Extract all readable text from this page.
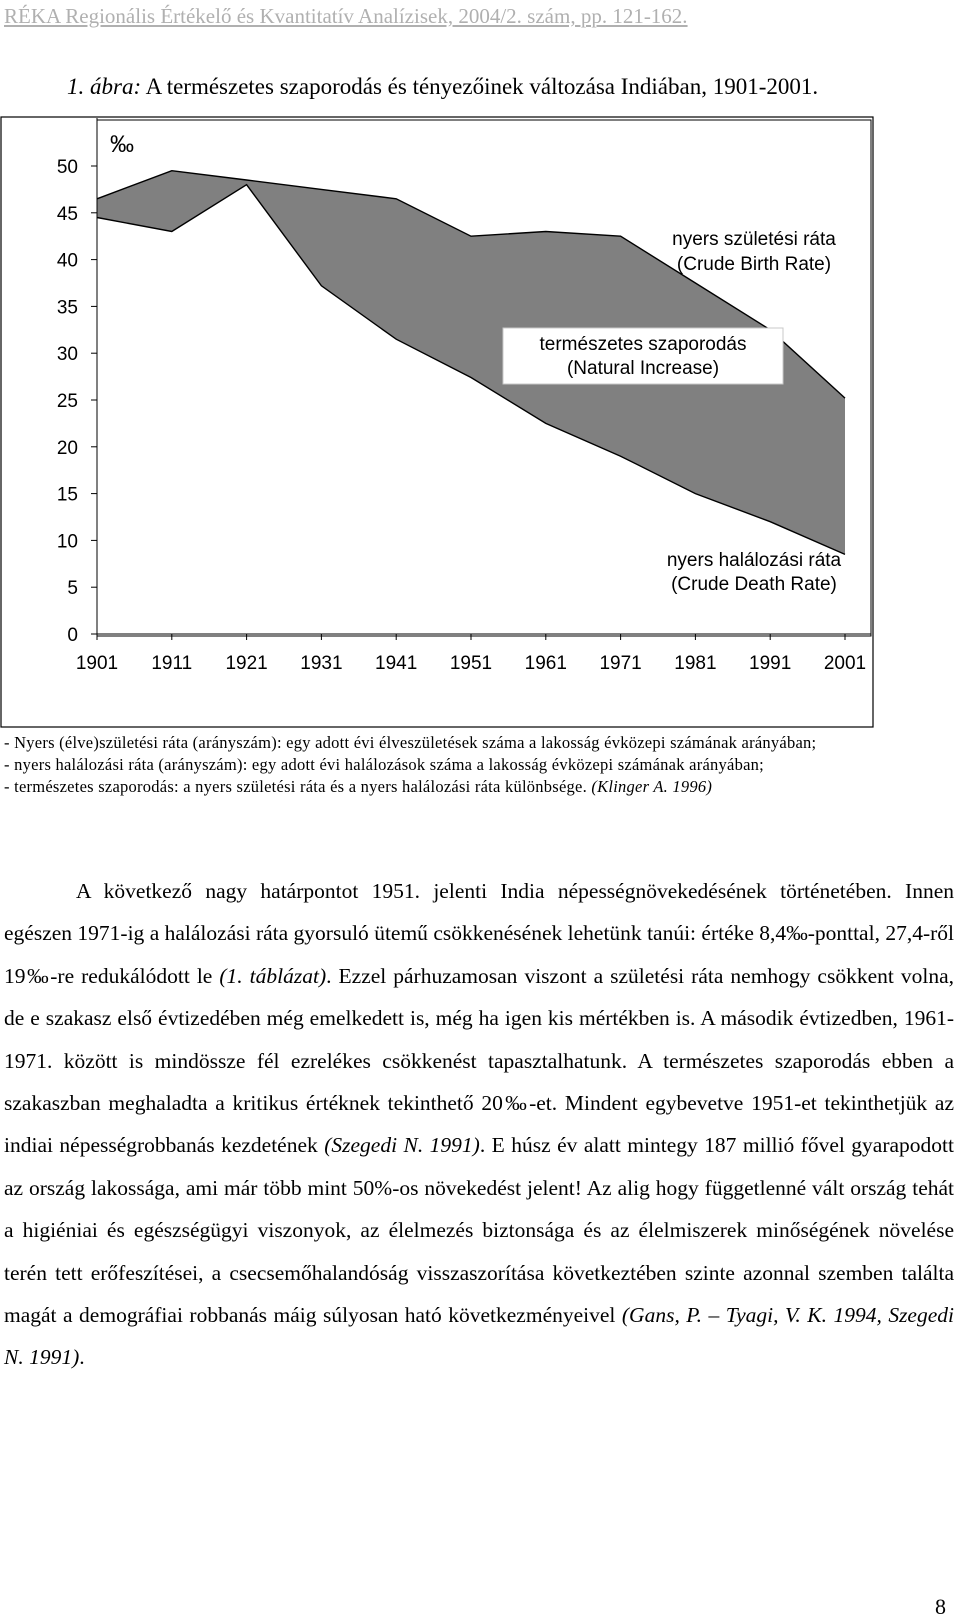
RÉKA Regionális Értékelő és Kvantitatív Analízisek, 2004/2. szám, pp. 121-162.
1. ábra: A természetes szaporodás és tényezőinek változása Indiában, 1901-2001.
0
5
10
15
20
25
30
35
40
45
50
1901 1911 1921 1931 1941 1951 1961 1971 1981 1991 2001
‰
természetes szaporodás
(Natural Increase)
nyers születési ráta
(Crude Birth Rate)
nyers halálozási ráta
(Crude Death Rate)

- Nyers (élve)születési ráta (arányszám): egy adott évi élveszületések száma a lakosság évközepi számának arányában;

- nyers halálozási ráta (arányszám): egy adott évi halálozások száma a lakosság évközepi számának arányában;

- természetes szaporodás: a nyers születési ráta és a nyers halálozási ráta különbsége. (Klinger A. 1996)

A következő nagy határpontot 1951. jelenti India népességnövekedésének történetében. Innen egészen 1971-ig a halálozási ráta gyorsuló ütemű csökkenésének lehetünk tanúi: értéke 8,4‰-ponttal, 27,4-ről 19‰-re redukálódott le (1. táblázat). Ezzel párhuzamosan viszont a születési ráta nemhogy csökkent volna, de e szakasz első évtizedében még emelkedett is, még ha igen kis mértékben is. A második évtizedben, 1961-1971. között is mindössze fél ezrelékes csökkenést tapasztalhatunk. A természetes szaporodás ebben a szakaszban meghaladta a kritikus értéknek tekinthető 20‰-et. Mindent egybevetve 1951-et tekinthetjük az indiai népességrobbanás kezdetének (Szegedi N. 1991). E húsz év alatt mintegy 187 millió fővel gyarapodott az ország lakossága, ami már több mint 50%-os növekedést jelent! Az alig hogy függetlenné vált ország tehát a higiéniai és egészségügyi viszonyok, az élelmezés biztonsága és az élelmiszerek minőségének növelése terén tett erőfeszítései, a csecsemőhalandóság visszaszorítása következtében szinte azonnal szemben találta magát a demográfiai robbanás máig súlyosan ható következményeivel (Gans, P. – Tyagi, V. K. 1994, Szegedi N. 1991).

8
